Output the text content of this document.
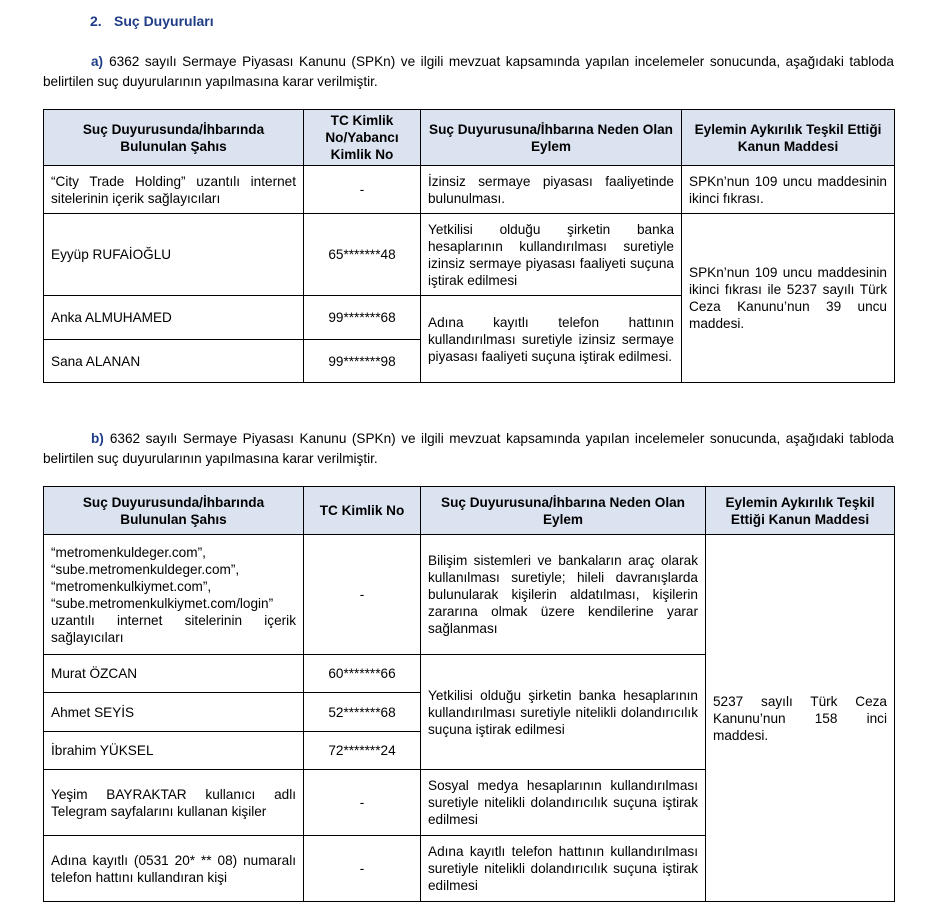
2. Suç Duyuruları
a) 6362 sayılı Sermaye Piyasası Kanunu (SPKn) ve ilgili mevzuat kapsamında yapılan incelemeler sonucunda, aşağıdaki tabloda belirtilen suç duyurularının yapılmasına karar verilmiştir.
Suç Duyurusunda/İhbarında Bulunulan Şahıs	TC Kimlik No/Yabancı Kimlik No	Suç Duyurusuna/İhbarına Neden Olan Eylem	Eylemin Aykırılık Teşkil Ettiği Kanun Maddesi
“City Trade Holding” uzantılı internet sitelerinin içerik sağlayıcıları	-	İzinsiz sermaye piyasası faaliyetinde bulunulması.	SPKn’nun 109 uncu maddesinin ikinci fıkrası.
Eyyüp RUFAİOĞLU	65*******48	Yetkilisi olduğu şirketin banka hesaplarının kullandırılması suretiyle izinsiz sermaye piyasası faaliyeti suçuna iştirak edilmesi	SPKn’nun 109 uncu maddesinin ikinci fıkrası ile 5237 sayılı Türk Ceza Kanunu’nun 39 uncu maddesi.
Anka ALMUHAMED	99*******68	Adına kayıtlı telefon hattının kullandırılması suretiyle izinsiz sermaye piyasası faaliyeti suçuna iştirak edilmesi.	
Sana ALANAN	99*******98		
b) 6362 sayılı Sermaye Piyasası Kanunu (SPKn) ve ilgili mevzuat kapsamında yapılan incelemeler sonucunda, aşağıdaki tabloda belirtilen suç duyurularının yapılmasına karar verilmiştir.
Suç Duyurusunda/İhbarında Bulunulan Şahıs	TC Kimlik No	Suç Duyurusuna/İhbarına Neden Olan Eylem	Eylemin Aykırılık Teşkil Ettiği Kanun Maddesi
“metromenkuldeger.com”, “sube.metromenkuldeger.com”, “metromenkulkiymet.com”, “sube.metromenkulkiymet.com/login” uzantılı internet sitelerinin içerik sağlayıcıları	-	Bilişim sistemleri ve bankaların araç olarak kullanılması suretiyle; hileli davranışlarda bulunularak kişilerin aldatılması, kişilerin zararına olmak üzere kendilerine yarar sağlanması	5237 sayılı Türk Ceza Kanunu’nun 158 inci maddesi.
Murat ÖZCAN	60*******66	Yetkilisi olduğu şirketin banka hesaplarının kullandırılması suretiyle nitelikli dolandırıcılık suçuna iştirak edilmesi	
Ahmet SEYİS	52*******68		
İbrahim YÜKSEL	72*******24		
Yeşim BAYRAKTAR kullanıcı adlı Telegram sayfalarını kullanan kişiler	-	Sosyal medya hesaplarının kullandırılması suretiyle nitelikli dolandırıcılık suçuna iştirak edilmesi	
Adına kayıtlı (0531 20* ** 08) numaralı telefon hattını kullandıran kişi	-	Adına kayıtlı telefon hattının kullandırılması suretiyle nitelikli dolandırıcılık suçuna iştirak edilmesi	
